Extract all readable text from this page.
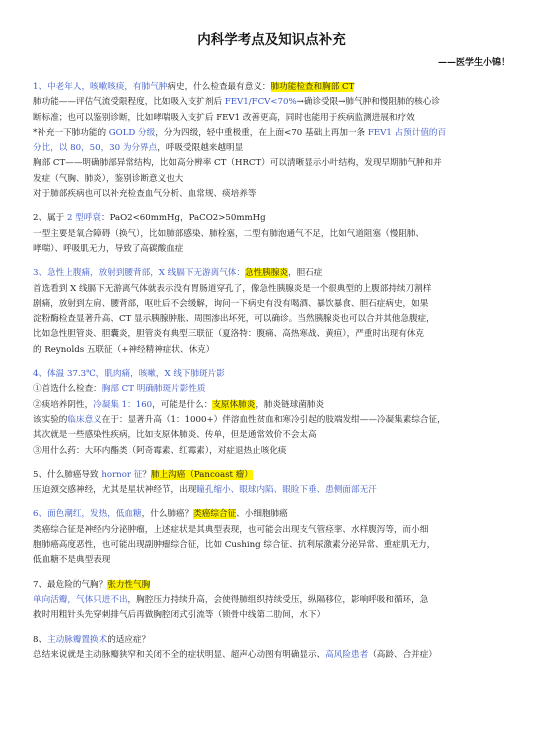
内科学考点及知识点补充
——医学生小锦！

1、中老年人，咳嗽咳痰，有肺气肿病史，什么检查最有意义：肺功能检查和胸部 CT

肺功能——评估气流受限程度，比如吸入支扩剂后 FEV1/FCV<70%→确诊受限→肺气肿和慢阻肺的核心诊

断标准；也可以鉴别诊断，比如哮喘吸入支扩后 FEV1 改善更高，同时也能用于疾病监测进展和疗效

*补充一下肺功能的 GOLD 分级，分为四级，轻中重极重，在上面<70 基础上再加一条 FEV1 占预计值的百

分比，以 80，50，30 为分界点，呼吸受限越来越明显

胸部 CT——明确肺部异常结构，比如高分辨率 CT（HRCT）可以清晰显示小叶结构，发现早期肺气肿和并

发症（气胸、肺炎），鉴别诊断意义也大

对于肺部疾病也可以补充检查血气分析、血常规、痰培养等

2、属于 2 型呼衰：PaO2<60mmHg，PaCO2>50mmHg

一型主要是氧合障碍（换气），比如肺部感染、肺栓塞，二型有肺泡通气不足，比如气道阻塞（慢阻肺、

哮喘）、呼吸肌无力，导致了高碳酸血症

3、急性上腹痛，放射到腰背部，X 线膈下无游离气体：急性胰腺炎，胆石症

首选看到 X 线膈下无游离气体就表示没有胃肠道穿孔了，像急性胰腺炎是一个很典型的上腹部持续刀割样

剧痛，放射到左肩、腰背部，呕吐后不会缓解，询问一下病史有没有喝酒、暴饮暴食、胆石症病史，如果

淀粉酶检查显著升高、CT 显示胰腺肿胀、周围渗出坏死，可以确诊。当然胰腺炎也可以合并其他急腹症，

比如急性胆管炎、胆囊炎，胆管炎有典型三联征（夏洛特：腹痛、高热寒战、黄疸），严重时出现有休克

的 Reynolds 五联征（+神经精神症状、休克）

4、体温 37.3℃，肌肉痛，咳嗽，X 线下肺斑片影

①首选什么检查：胸部 CT 明确肺斑片影性质

②痰培养阴性，冷凝集 1：160，可能是什么：支原体肺炎，肺炎链球菌肺炎

该实验的临床意义在于：显著升高（1：1000+）伴溶血性贫血和寒冷引起的肢端发绀——冷凝集素综合征，

其次就是一些感染性疾病，比如支原体肺炎、传单，但是通常效价不会太高

③用什么药：大环内酯类（阿奇霉素、红霉素），对症退热止咳化痰

5、什么肺癌导致 hornor 征？肺上沟癌（Pancoast 瘤）

压迫颈交感神经，尤其是星状神经节，出现瞳孔缩小、眼球内陷、眼睑下垂、患侧面部无汗

6、面色潮红，发热，低血糖，什么肺癌？类癌综合征、小细胞肺癌

类癌综合征是神经内分泌肿瘤，上述症状是其典型表现，也可能会出现支气管痉挛、水样腹泻等，而小细

胞肺癌高度恶性，也可能出现副肿瘤综合征，比如 Cushing 综合征、抗利尿激素分泌异常、重症肌无力，

低血糖不是典型表现

7、最危险的气胸？张力性气胸

单向活瓣，气体只进不出，胸腔压力持续升高，会使得肺组织持续受压，纵隔移位，影响呼吸和循环，急

救时用粗针头先穿刺排气后再做胸腔闭式引流等（锁骨中线第二肋间，水下）

8、主动脉瓣置换术的适应症？

总结来说就是主动脉瓣狭窄和关闭不全的症状明显、超声心动图有明确显示、高风险患者（高龄、合并症）
